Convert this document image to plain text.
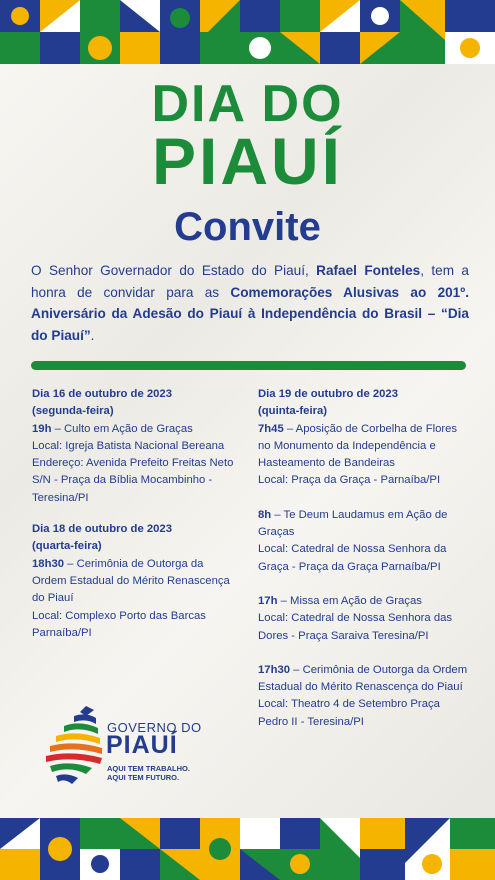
DIA DO
PIAUÍ
Convite
O Senhor Governador do Estado do Piauí, Rafael Fonteles, tem a honra de convidar para as Comemorações Alusivas ao 201º. Aniversário da Adesão do Piauí à Independência do Brasil – “Dia do Piauí”.
Dia 16 de outubro de 2023
(segunda-feira)
19h – Culto em Ação de Graças
Local: Igreja Batista Nacional Bereana
Endereço: Avenida Prefeito Freitas Neto S/N - Praça da Bíblia Mocambinho - Teresina/PI
Dia 18 de outubro de 2023
(quarta-feira)
18h30 – Cerimônia de Outorga da Ordem Estadual do Mérito Renascença do Piauí
Local: Complexo Porto das Barcas Parnaíba/PI
Dia 19 de outubro de 2023
(quinta-feira)
7h45 – Aposição de Corbelha de Flores no Monumento da Independência e Hasteamento de Bandeiras
Local: Praça da Graça - Parnaíba/PI
8h – Te Deum Laudamus em Ação de Graças
Local: Catedral de Nossa Senhora da Graça - Praça da Graça Parnaíba/PI
17h – Missa em Ação de Graças
Local: Catedral de Nossa Senhora das Dores - Praça Saraiva Teresina/PI
17h30 – Cerimônia de Outorga da Ordem Estadual do Mérito Renascença do Piauí
Local: Theatro 4 de Setembro Praça Pedro II - Teresina/PI
GOVERNO DO
PIAUÍ
AQUI TEM TRABALHO.
AQUI TEM FUTURO.
